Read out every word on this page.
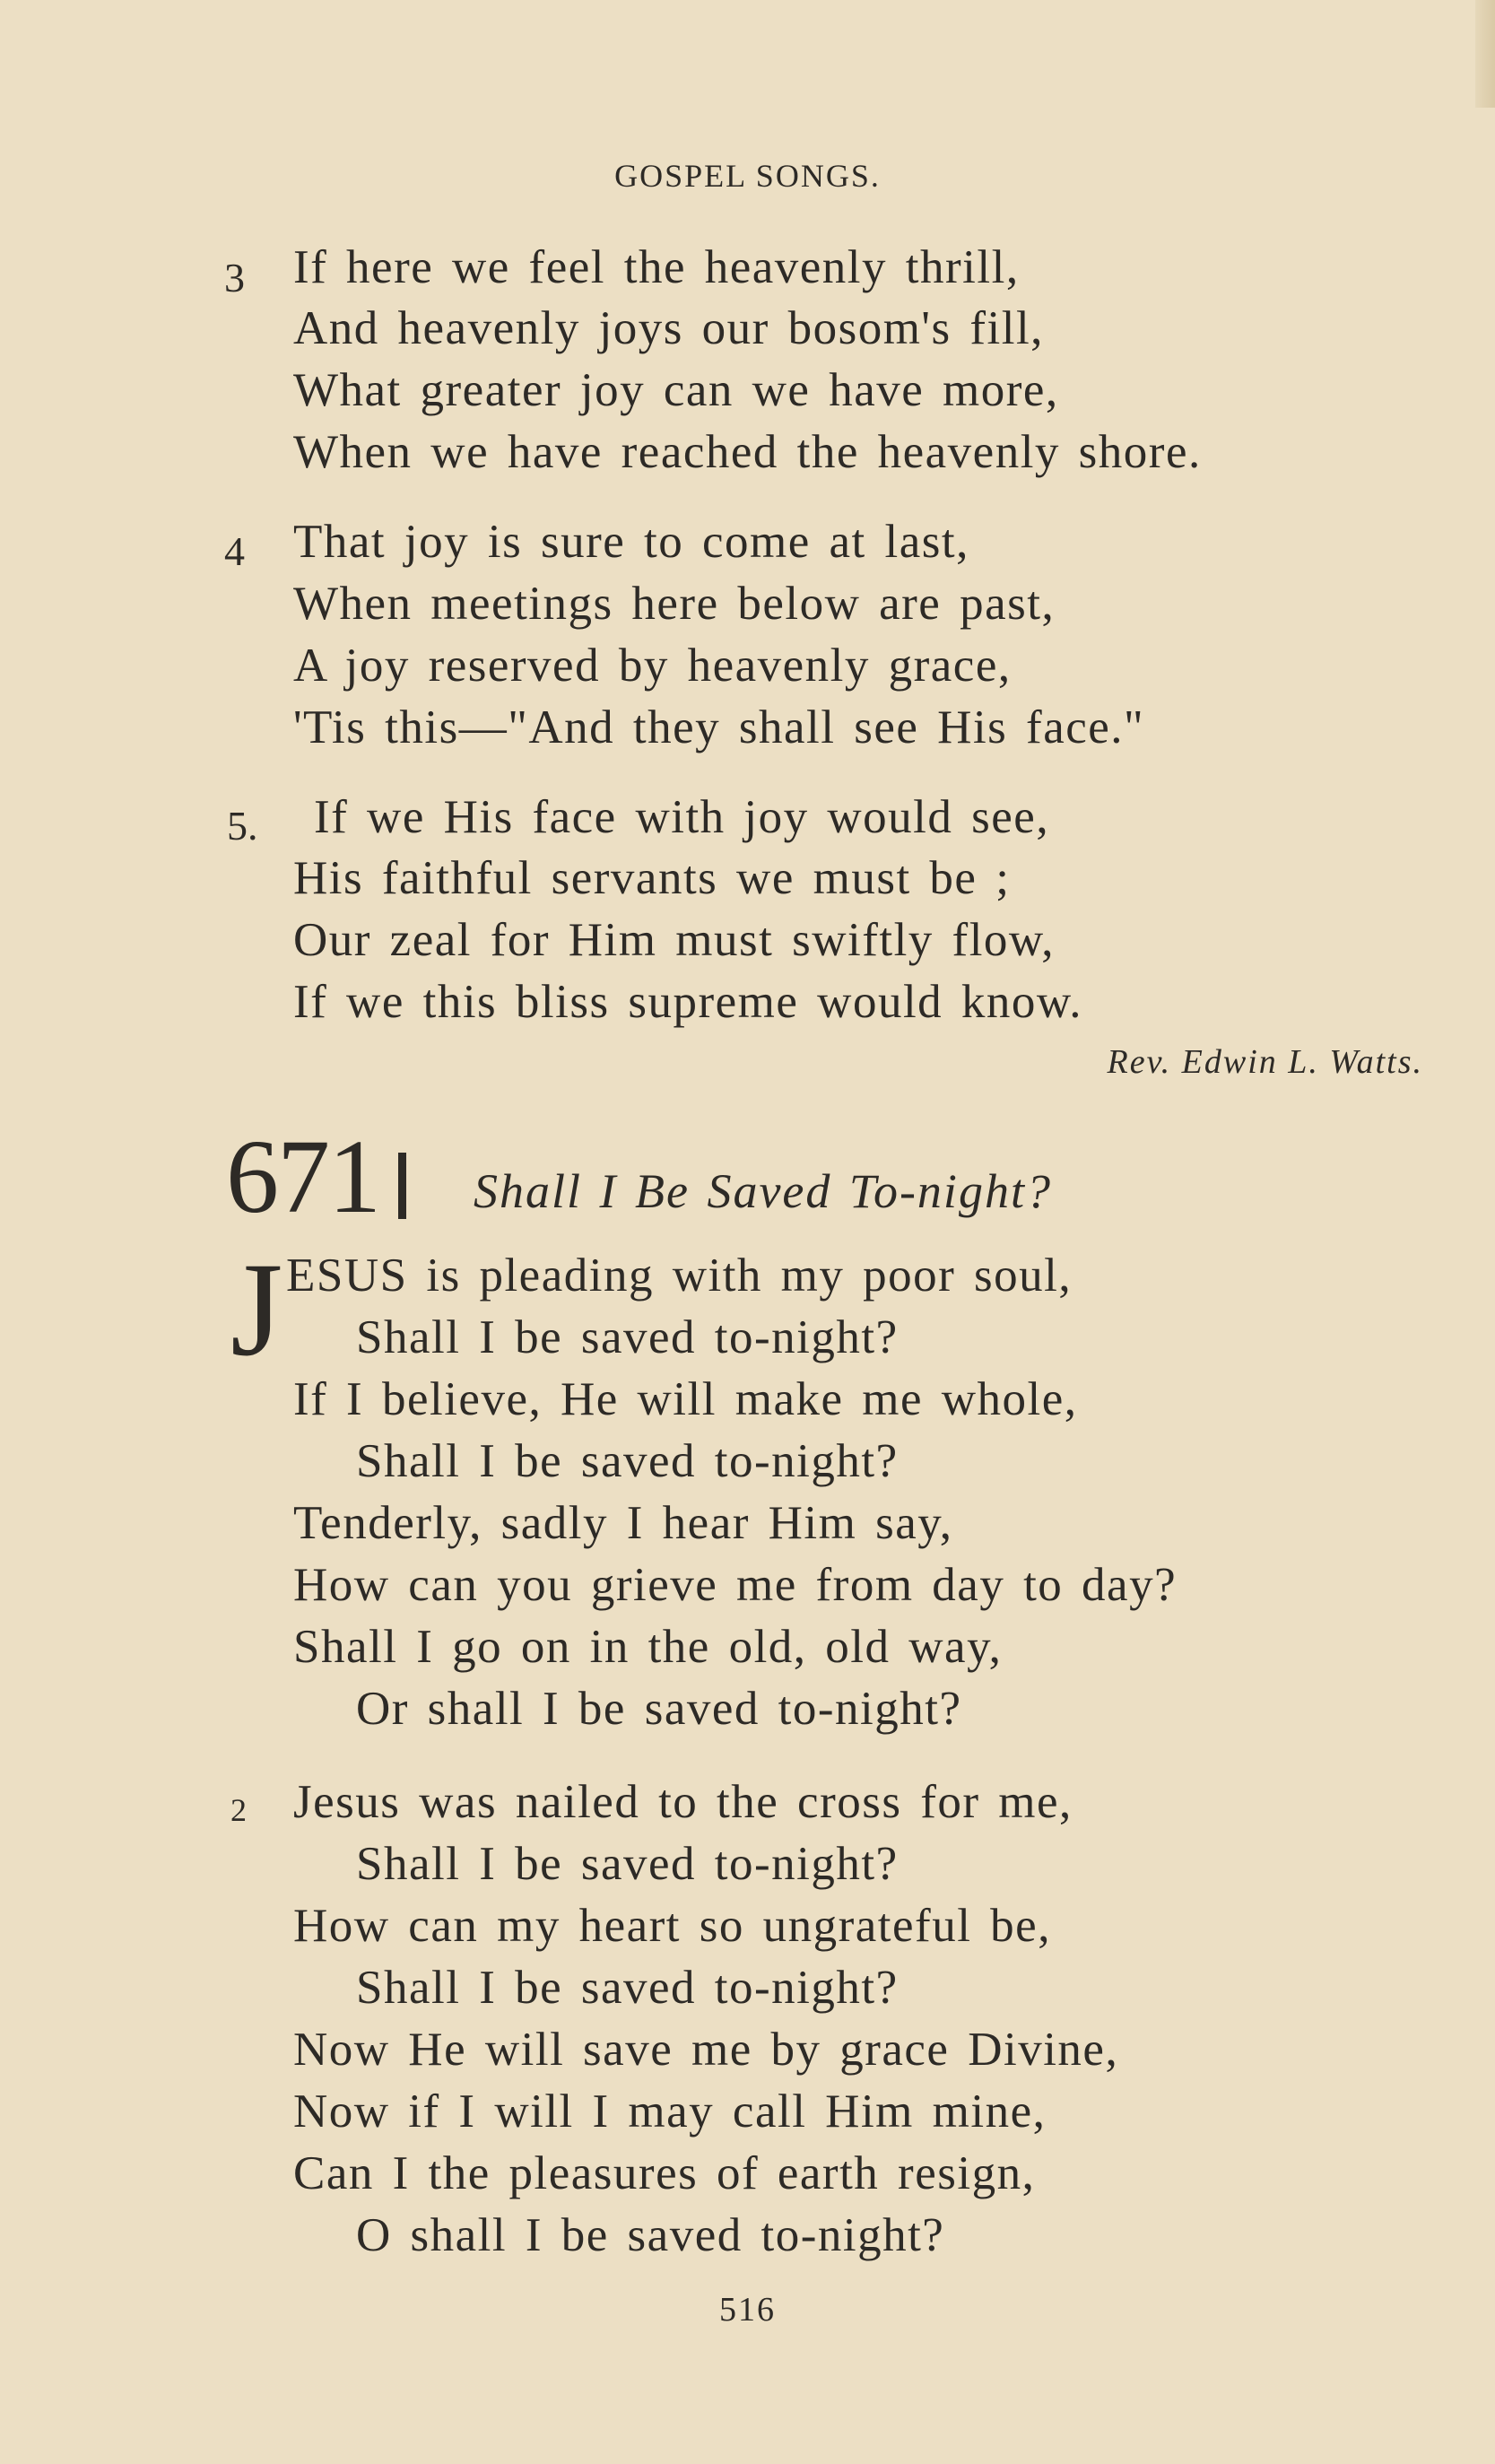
GOSPEL SONGS.
3 If here we feel the heavenly thrill,
And heavenly joys our bosom's fill,
What greater joy can we have more,
When we have reached the heavenly shore.
4 That joy is sure to come at last,
When meetings here below are past,
A joy reserved by heavenly grace,
'Tis this—"And they shall see His face."
5. If we His face with joy would see,
His faithful servants we must be ;
Our zeal for Him must swiftly flow,
If we this bliss supreme would know.
Rev. Edwin L. Watts.
671 Shall I Be Saved To-night?
J ESUS is pleading with my poor soul,
Shall I be saved to-night?
If I believe, He will make me whole,
Shall I be saved to-night?
Tenderly, sadly I hear Him say,
How can you grieve me from day to day?
Shall I go on in the old, old way,
Or shall I be saved to-night?
2 Jesus was nailed to the cross for me,
Shall I be saved to-night?
How can my heart so ungrateful be,
Shall I be saved to-night?
Now He will save me by grace Divine,
Now if I will I may call Him mine,
Can I the pleasures of earth resign,
O shall I be saved to-night?
516
